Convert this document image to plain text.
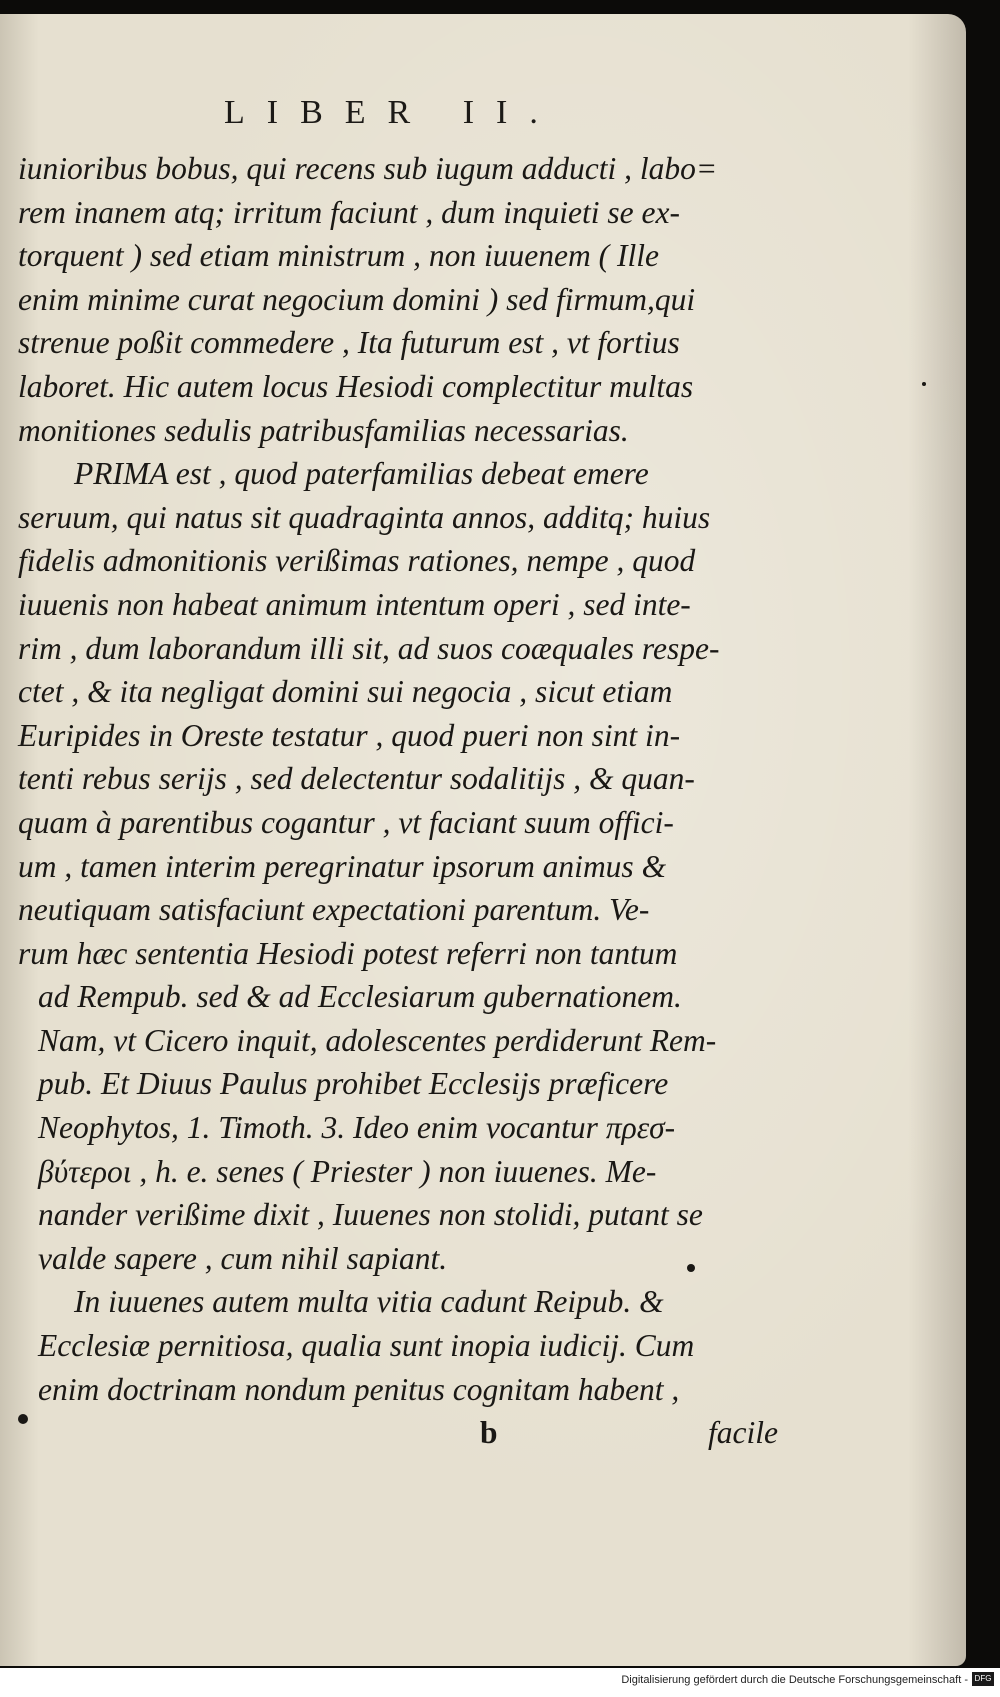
LIBER II.
iunioribus bobus, qui recens sub iugum adducti , labo=
rem inanem atq; irritum faciunt , dum inquieti se ex-
torquent ) sed etiam ministrum , non iuuenem ( Ille
enim minime curat negocium domini ) sed firmum,qui
strenue poßit commedere , Ita futurum est , vt fortius
laboret. Hic autem locus Hesiodi complectitur multas
monitiones sedulis patribusfamilias necessarias.
PRIMA est , quod paterfamilias debeat emere
seruum, qui natus sit quadraginta annos, additq; huius
fidelis admonitionis verißimas rationes, nempe , quod
iuuenis non habeat animum intentum operi , sed inte-
rim , dum laborandum illi sit, ad suos coæquales respe-
ctet , & ita negligat domini sui negocia , sicut etiam
Euripides in Oreste testatur , quod pueri non sint in-
tenti rebus serijs , sed delectentur sodalitijs , & quan-
quam à parentibus cogantur , vt faciant suum offici-
um , tamen interim peregrinatur ipsorum animus &
neutiquam satisfaciunt expectationi parentum. Ve-
rum hæc sententia Hesiodi potest referri non tantum
ad Rempub. sed & ad Ecclesiarum gubernationem.
Nam, vt Cicero inquit, adolescentes perdiderunt Rem-
pub. Et Diuus Paulus prohibet Ecclesijs præficere
Neophytos, 1. Timoth. 3. Ideo enim vocantur πρεσ-
βύτεροι , h. e. senes ( Priester ) non iuuenes. Me-
nander verißime dixit , Iuuenes non stolidi, putant se
valde sapere , cum nihil sapiant.
In iuuenes autem multa vitia cadunt Reipub. &
Ecclesiæ pernitiosa, qualia sunt inopia iudicij. Cum
enim doctrinam nondum penitus cognitam habent ,
b	facile
Digitalisierung gefördert durch die Deutsche Forschungsgemeinschaft - DFG
